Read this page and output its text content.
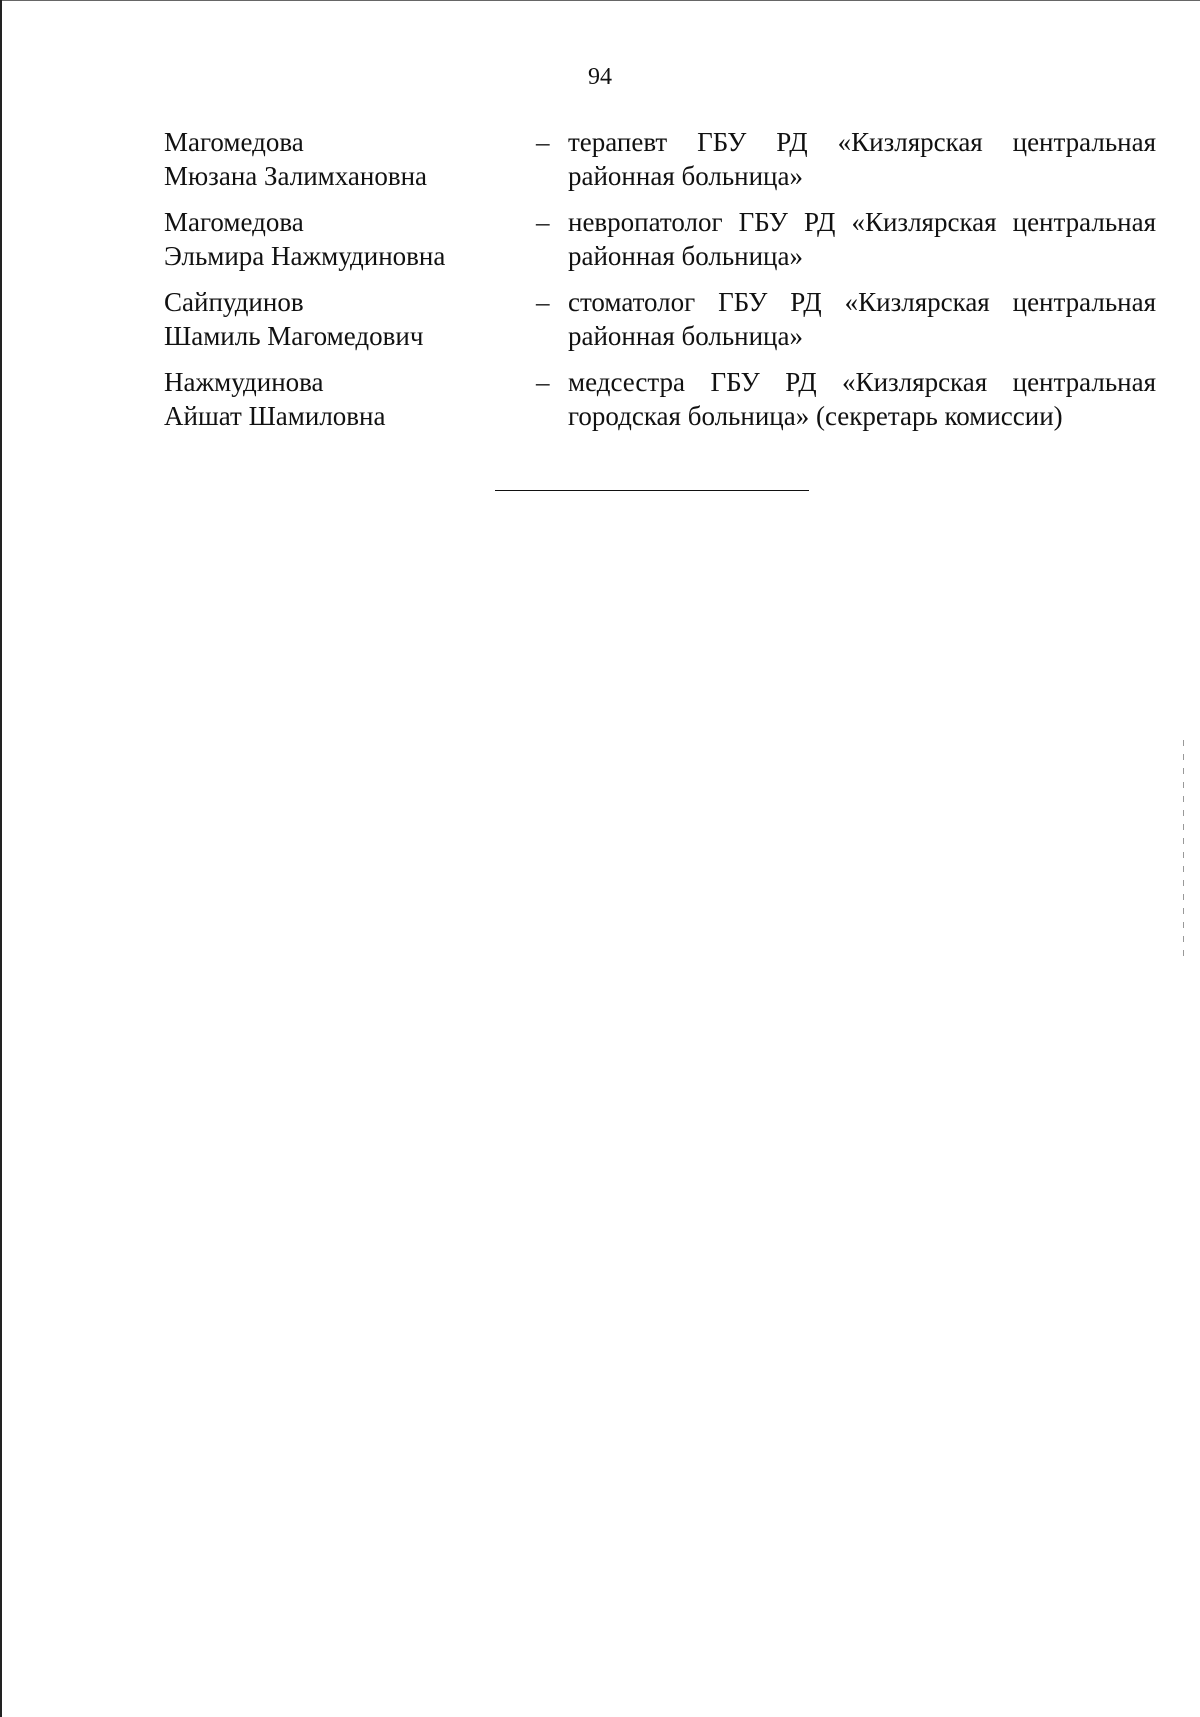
94
Магомедова
Мюзана Залимхановна
– терапевт ГБУ РД «Кизлярская центральная
районная больница»
Магомедова
Эльмира Нажмудиновна
– невропатолог ГБУ РД «Кизлярская центральная
районная больница»
Сайпудинов
Шамиль Магомедович
– стоматолог ГБУ РД «Кизлярская центральная
районная больница»
Нажмудинова
Айшат Шамиловна
– медсестра ГБУ РД «Кизлярская центральная
городская больница» (секретарь комиссии)
